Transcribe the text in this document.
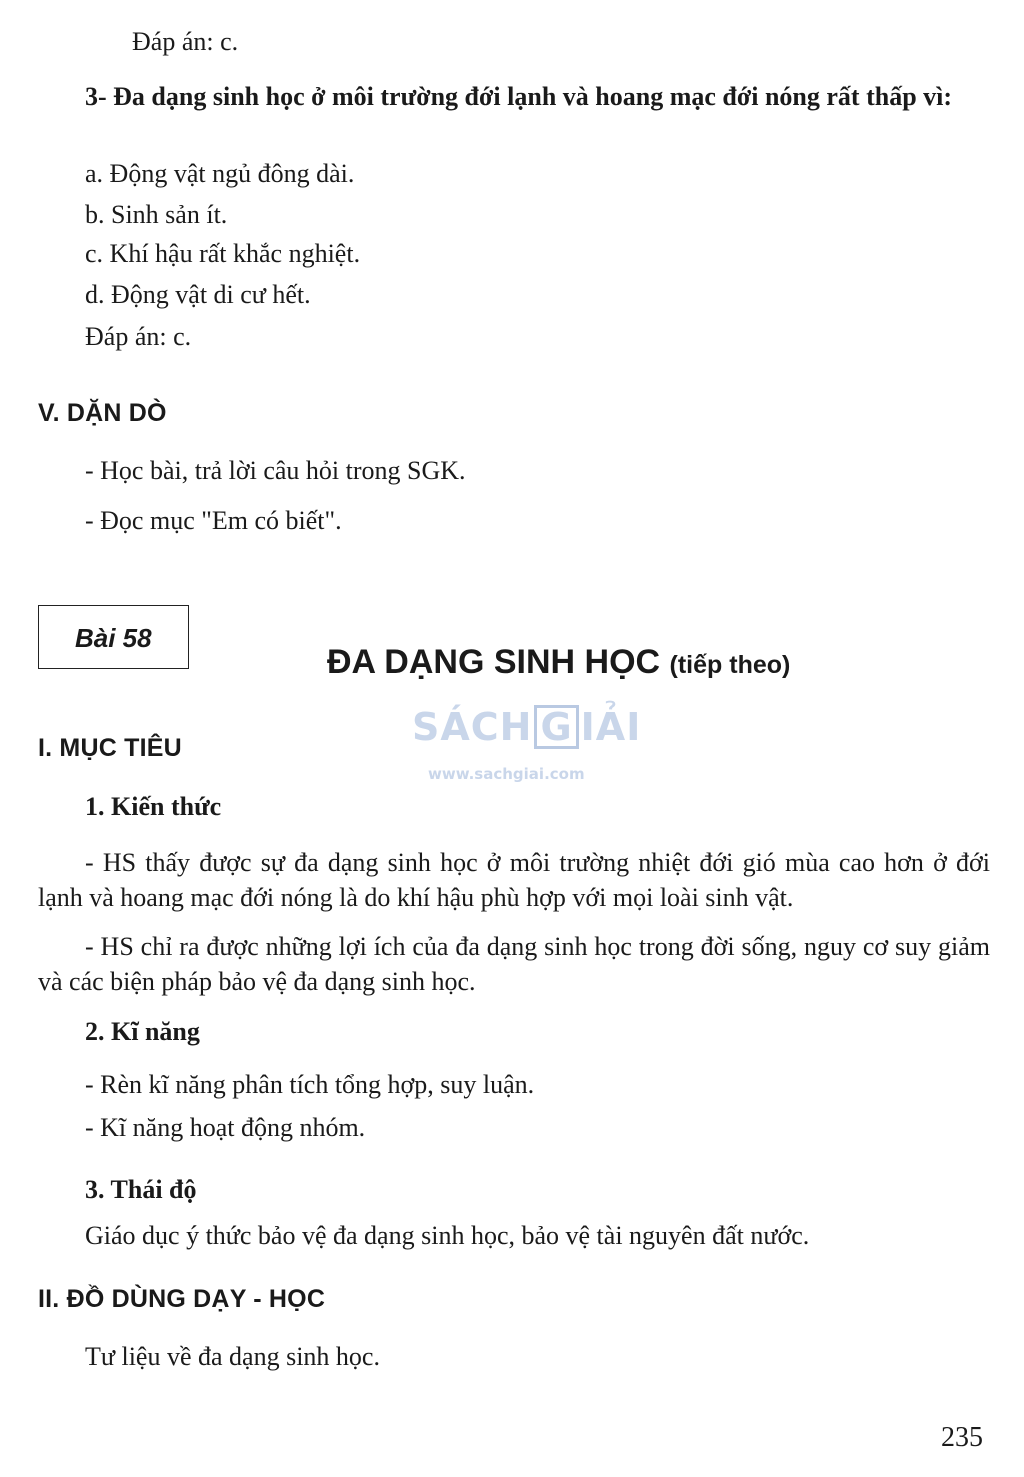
Đáp án: c.
3- Đa dạng sinh học ở môi trường đới lạnh và hoang mạc đới nóng rất thấp vì:
a. Động vật ngủ đông dài.
b. Sinh sản ít.
c. Khí hậu rất khắc nghiệt.
d. Động vật di cư hết.
Đáp án: c.
V. DẶN DÒ
- Học bài, trả lời câu hỏi trong SGK.
- Đọc mục "Em có biết".
Bài 58
ĐA DẠNG SINH HỌC (tiếp theo)
SÁCH G IẢI
www.sachgiai.com
I. MỤC TIÊU
1. Kiến thức
- HS thấy được sự đa dạng sinh học ở môi trường nhiệt đới gió mùa cao hơn ở đới lạnh và hoang mạc đới nóng là do khí hậu phù hợp với mọi loài sinh vật.
- HS chỉ ra được những lợi ích của đa dạng sinh học trong đời sống, nguy cơ suy giảm và các biện pháp bảo vệ đa dạng sinh học.
2. Kĩ năng
- Rèn kĩ năng phân tích tổng hợp, suy luận.
- Kĩ năng hoạt động nhóm.
3. Thái độ
Giáo dục ý thức bảo vệ đa dạng sinh học, bảo vệ tài nguyên đất nước.
II. ĐỒ DÙNG DẠY - HỌC
Tư liệu về đa dạng sinh học.
235
